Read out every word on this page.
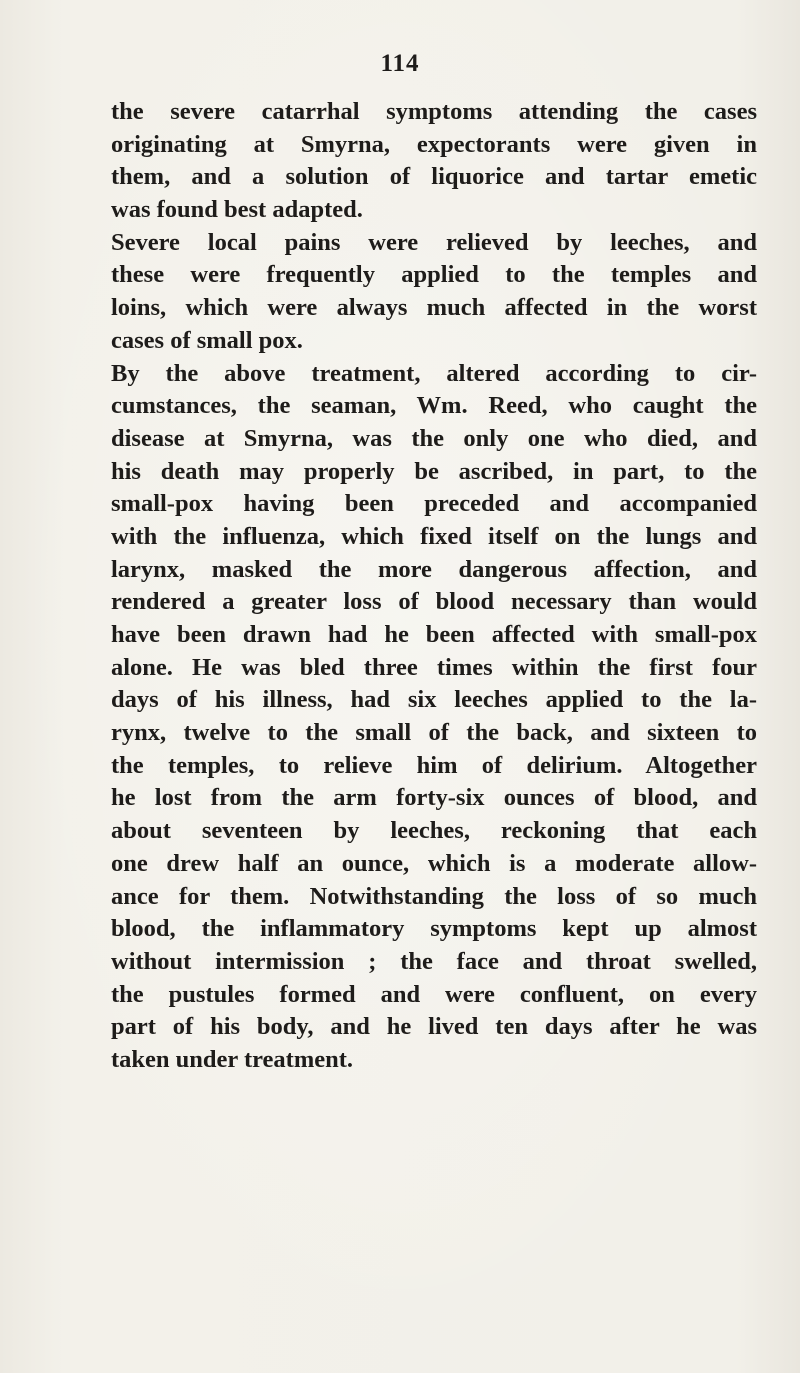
114
the severe catarrhal symptoms attending the cases
originating at Smyrna, expectorants were given in
them, and a solution of liquorice and tartar emetic
was found best adapted.
Severe local pains were relieved by leeches, and
these were frequently applied to the temples and
loins, which were always much affected in the worst
cases of small pox.
By the above treatment, altered according to cir-
cumstances, the seaman, Wm. Reed, who caught the
disease at Smyrna, was the only one who died, and
his death may properly be ascribed, in part, to the
small-pox having been preceded and accompanied
with the influenza, which fixed itself on the lungs and
larynx, masked the more dangerous affection, and
rendered a greater loss of blood necessary than would
have been drawn had he been affected with small-pox
alone. He was bled three times within the first four
days of his illness, had six leeches applied to the la-
rynx, twelve to the small of the back, and sixteen to
the temples, to relieve him of delirium. Altogether
he lost from the arm forty-six ounces of blood, and
about seventeen by leeches, reckoning that each
one drew half an ounce, which is a moderate allow-
ance for them. Notwithstanding the loss of so much
blood, the inflammatory symptoms kept up almost
without intermission ; the face and throat swelled,
the pustules formed and were confluent, on every
part of his body, and he lived ten days after he was
taken under treatment.
